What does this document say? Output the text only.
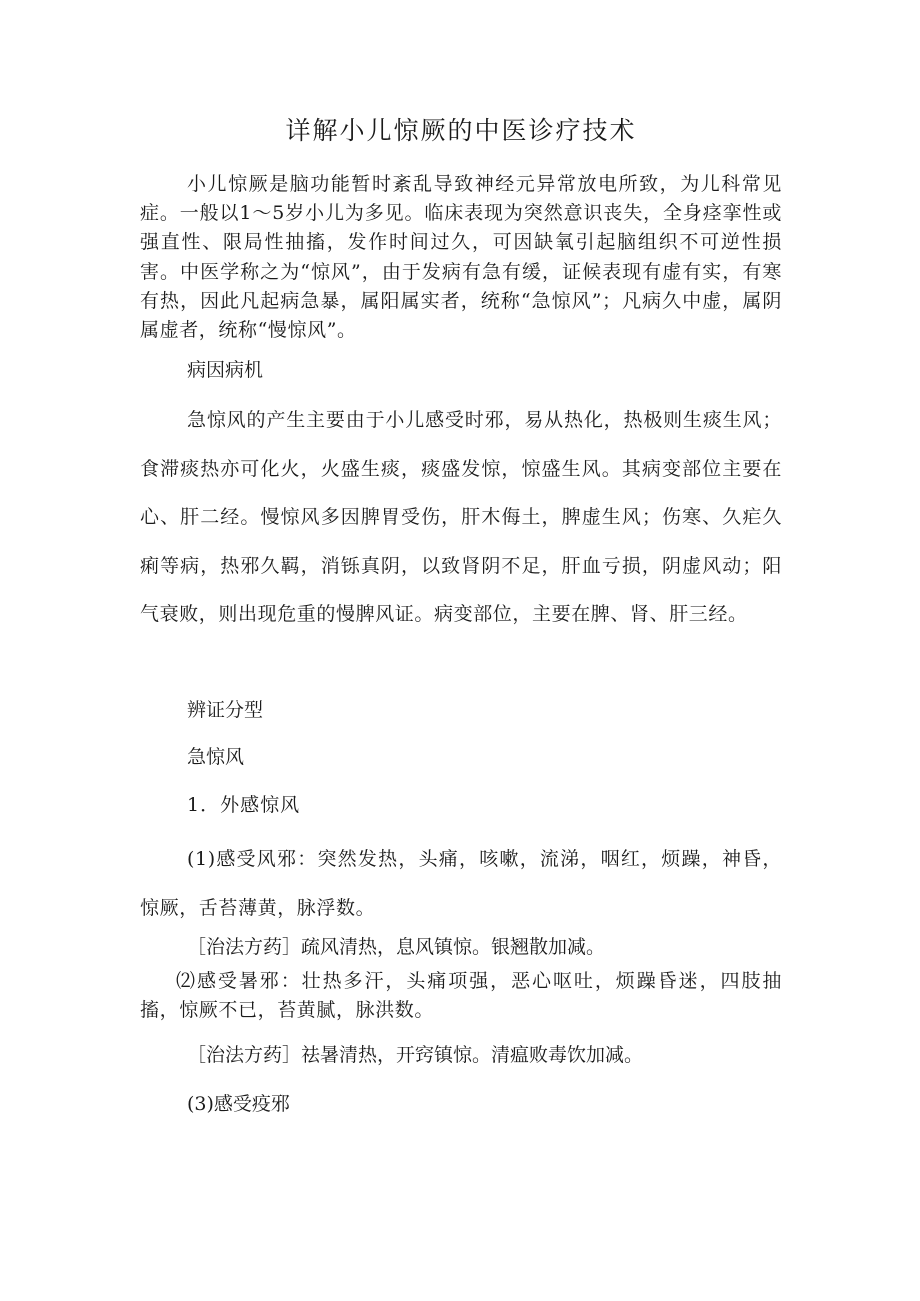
详解小儿惊厥的中医诊疗技术

小儿惊厥是脑功能暂时紊乱导致神经元异常放电所致，为儿科常见症。一般以1～5岁小儿为多见。临床表现为突然意识丧失，全身痉挛性或强直性、限局性抽搐，发作时间过久，可因缺氧引起脑组织不可逆性损害。中医学称之为“惊风”，由于发病有急有缓，证候表现有虚有实，有寒有热，因此凡起病急暴，属阳属实者，统称“急惊风”；凡病久中虚，属阴属虚者，统称“慢惊风”。

病因病机

急惊风的产生主要由于小儿感受时邪，易从热化，热极则生痰生风；食滞痰热亦可化火，火盛生痰，痰盛发惊，惊盛生风。其病变部位主要在心、肝二经。慢惊风多因脾胃受伤，肝木侮土，脾虚生风；伤寒、久疟久痢等病，热邪久羁，消铄真阴，以致肾阴不足，肝血亏损，阴虚风动；阳气衰败，则出现危重的慢脾风证。病变部位，主要在脾、肾、肝三经。

辨证分型

急惊风

1．外感惊风

(1)感受风邪：突然发热，头痛，咳嗽，流涕，咽红，烦躁，神昏，惊厥，舌苔薄黄，脉浮数。

［治法方药］疏风清热，息风镇惊。银翘散加减。

⑵感受暑邪：壮热多汗，头痛项强，恶心呕吐，烦躁昏迷，四肢抽搐，惊厥不已，苔黄腻，脉洪数。

［治法方药］祛暑清热，开窍镇惊。清瘟败毒饮加减。

(3)感受疫邪
